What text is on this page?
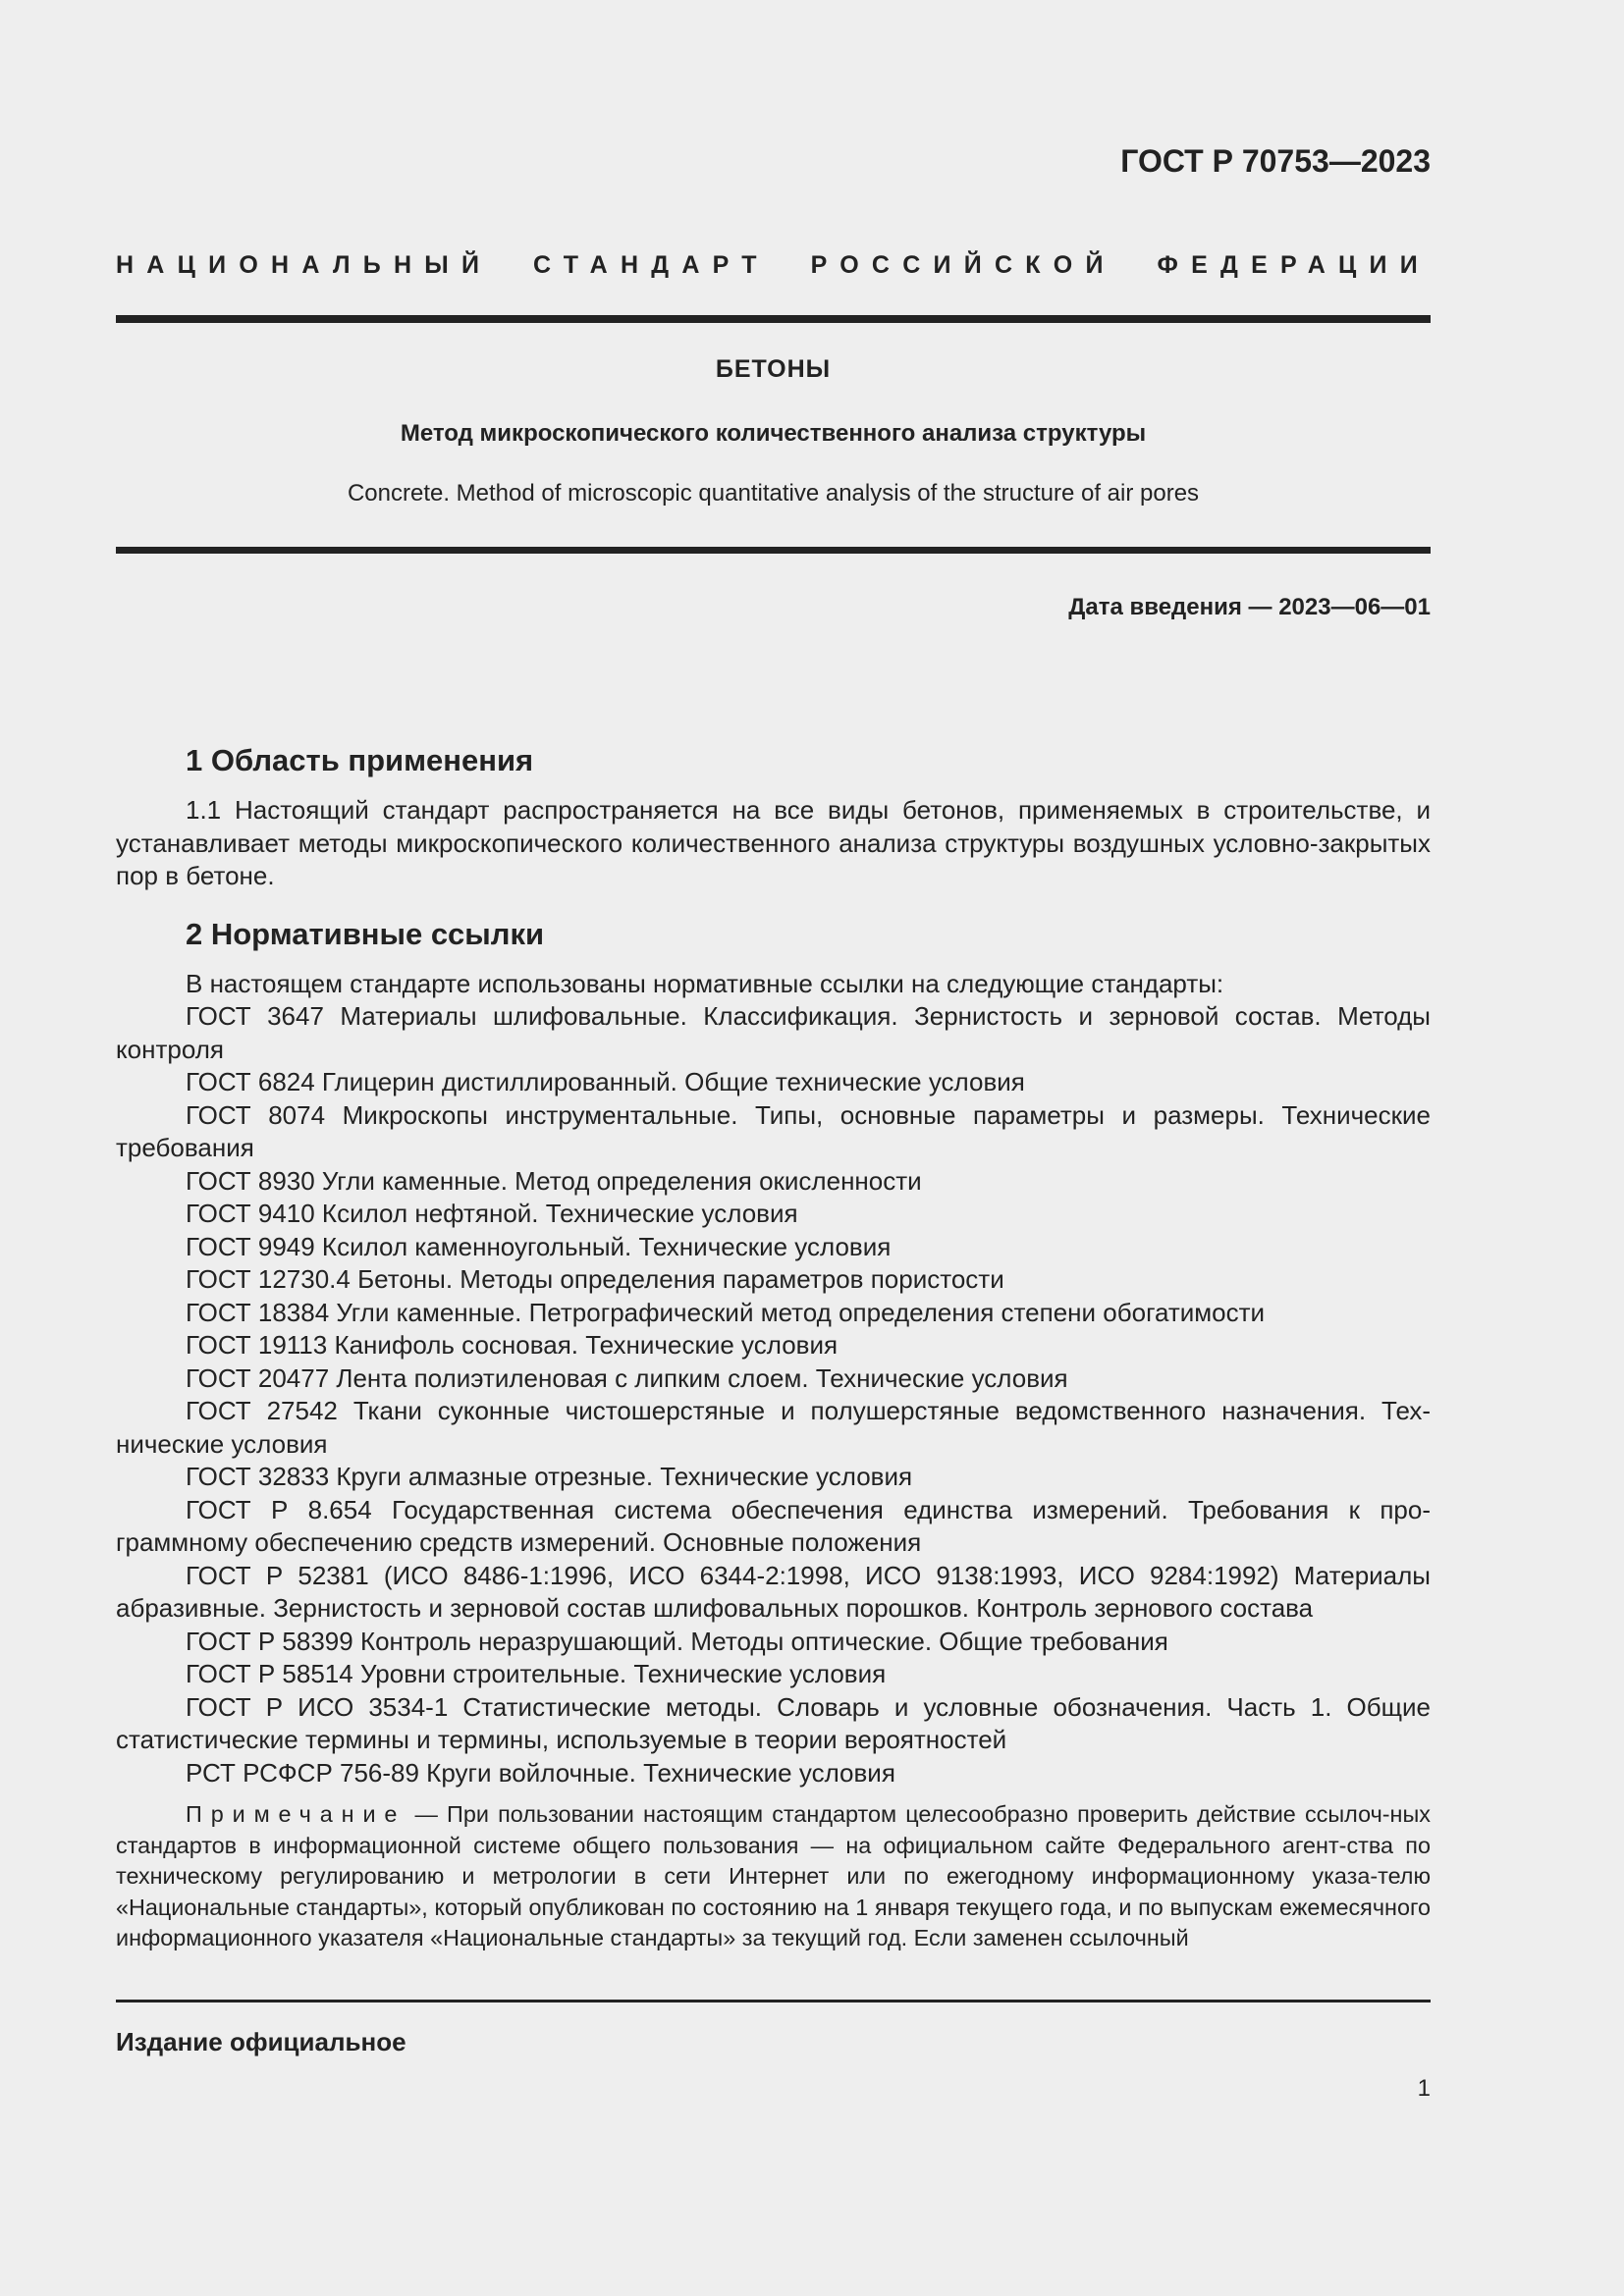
ГОСТ Р 70753—2023
НАЦИОНАЛЬНЫЙ СТАНДАРТ РОССИЙСКОЙ ФЕДЕРАЦИИ
БЕТОНЫ
Метод микроскопического количественного анализа структуры
Concrete. Method of microscopic quantitative analysis of the structure of air pores
Дата введения — 2023—06—01
1 Область применения

1.1 Настоящий стандарт распространяется на все виды бетонов, применяемых в строительстве, и устанавливает методы микроскопического количественного анализа структуры воздушных условно-закрытых пор в бетоне.

2 Нормативные ссылки

В настоящем стандарте использованы нормативные ссылки на следующие стандарты:

ГОСТ 3647 Материалы шлифовальные. Классификация. Зернистость и зерновой состав. Методы контроля
ГОСТ 6824 Глицерин дистиллированный. Общие технические условия
ГОСТ 8074 Микроскопы инструментальные. Типы, основные параметры и размеры. Технические требования
ГОСТ 8930 Угли каменные. Метод определения окисленности
ГОСТ 9410 Ксилол нефтяной. Технические условия
ГОСТ 9949 Ксилол каменноугольный. Технические условия
ГОСТ 12730.4 Бетоны. Методы определения параметров пористости
ГОСТ 18384 Угли каменные. Петрографический метод определения степени обогатимости
ГОСТ 19113 Канифоль сосновая. Технические условия
ГОСТ 20477 Лента полиэтиленовая с липким слоем. Технические условия
ГОСТ 27542 Ткани суконные чистошерстяные и полушерстяные ведомственного назначения. Тех-нические условия
ГОСТ 32833 Круги алмазные отрезные. Технические условия
ГОСТ Р 8.654 Государственная система обеспечения единства измерений. Требования к про-граммному обеспечению средств измерений. Основные положения
ГОСТ Р 52381 (ИСО 8486-1:1996, ИСО 6344-2:1998, ИСО 9138:1993, ИСО 9284:1992) Материалы абразивные. Зернистость и зерновой состав шлифовальных порошков. Контроль зернового состава
ГОСТ Р 58399 Контроль неразрушающий. Методы оптические. Общие требования
ГОСТ Р 58514 Уровни строительные. Технические условия
ГОСТ Р ИСО 3534-1 Статистические методы. Словарь и условные обозначения. Часть 1. Общие статистические термины и термины, используемые в теории вероятностей
РСТ РСФСР 756-89 Круги войлочные. Технические условия
Примечание — При пользовании настоящим стандартом целесообразно проверить действие ссылоч-ных стандартов в информационной системе общего пользования — на официальном сайте Федерального агент-ства по техническому регулированию и метрологии в сети Интернет или по ежегодному информационному указа-телю «Национальные стандарты», который опубликован по состоянию на 1 января текущего года, и по выпускам ежемесячного информационного указателя «Национальные стандарты» за текущий год. Если заменен ссылочный
Издание официальное
1
